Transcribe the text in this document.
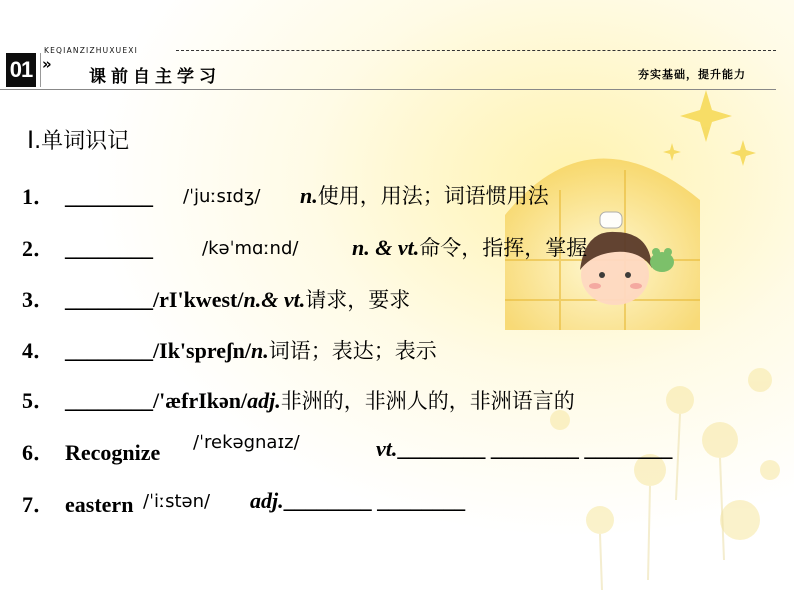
01
KEQIANZIZHUXUEXI
»
课前自主学习	夯实基础，提升能力
Ⅰ.单词识记
1． ________ /ˈjuːsɪdʒ/ n.使用，用法；词语惯用法
2． ________	/kəˈmɑːnd/ n. & vt.命令，指挥，掌握
3． ________/rI'kwest/n.& vt.请求，要求
4． ________/Ik'spreʃn/n.词语；表达；表示
5． ________/'æfrIkən/adj.非洲的，非洲人的，非洲语言的
6． Recognize /ˈrekəgnaɪz/	vt.________ ________ ________
7． eastern /ˈiːstən/ adj.________ ________
